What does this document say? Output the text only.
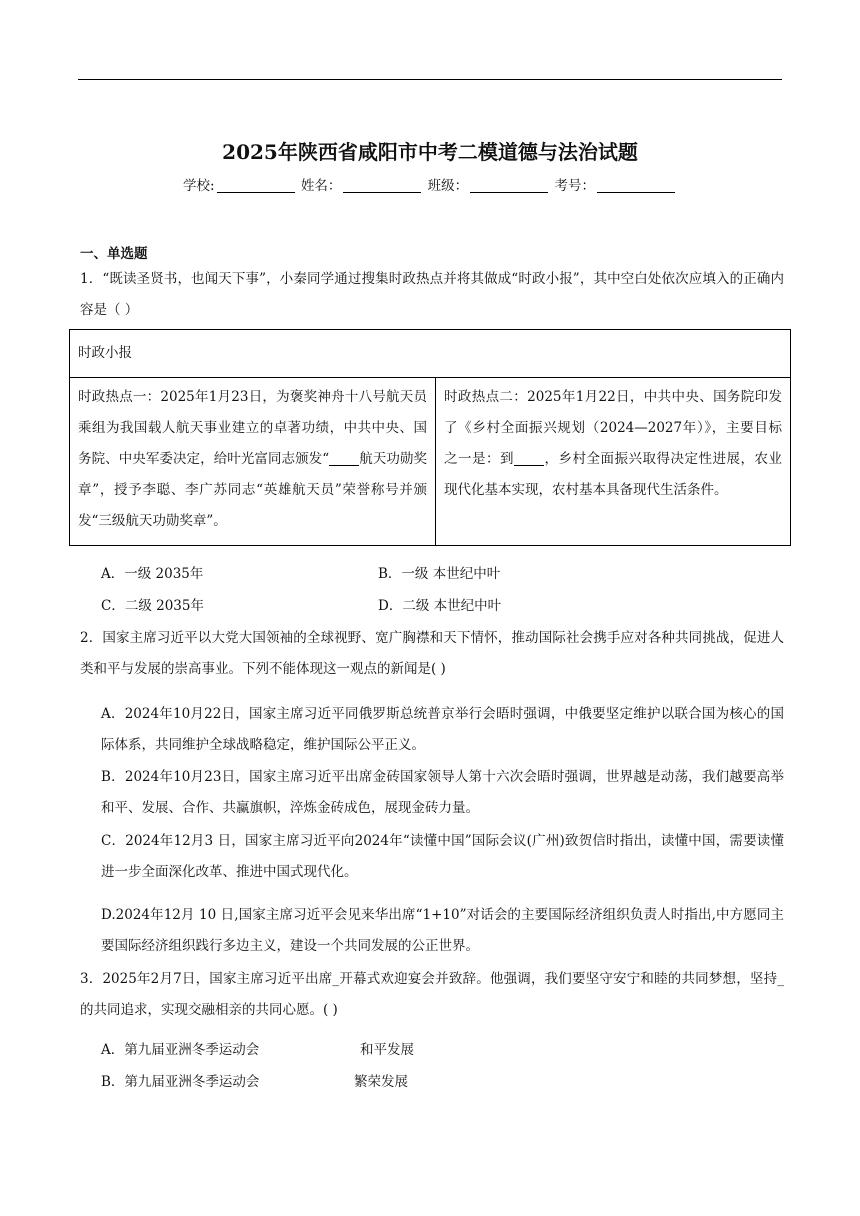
2025年陕西省咸阳市中考二模道德与法治试题
学校:	姓名：	班级：	考号：
一、单选题
1．“既读圣贤书，也闻天下事”，小秦同学通过搜集时政热点并将其做成“时政小报”，其中空白处依次应填入的正确内容是（ ）
时政小报
时政热点一：2025年1月23日，为褒奖神舟十八号航天员乘组为我国载人航天事业建立的卓著功绩，中共中央、国务院、中央军委决定，给叶光富同志颁发“ 航天功勋奖章”，授予李聪、李广苏同志“英雄航天员”荣誉称号并颁发“三级航天功勋奖章”。	时政热点二：2025年1月22日，中共中央、国务院印发了《乡村全面振兴规划（2024—2027年）》，主要目标之一是：到 ，乡村全面振兴取得决定性进展，农业现代化基本实现，农村基本具备现代生活条件。
A．一级 2035年	B．一级 本世纪中叶
C．二级 2035年	D．二级 本世纪中叶
2．国家主席习近平以大党大国领袖的全球视野、宽广胸襟和天下情怀，推动国际社会携手应对各种共同挑战，促进人类和平与发展的崇高事业。下列不能体现这一观点的新闻是( )
A．2024年10月22日，国家主席习近平同俄罗斯总统普京举行会晤时强调，中俄要坚定维护以联合国为核心的国际体系，共同维护全球战略稳定，维护国际公平正义。
B．2024年10月23日，国家主席习近平出席金砖国家领导人第十六次会晤时强调，世界越是动荡，我们越要高举和平、发展、合作、共赢旗帜，淬炼金砖成色，展现金砖力量。
C．2024年12月3 日，国家主席习近平向2024年“读懂中国”国际会议(广州)致贺信时指出，读懂中国，需要读懂进一步全面深化改革、推进中国式现代化。
D.2024年12月 10 日,国家主席习近平会见来华出席“1+10”对话会的主要国际经济组织负责人时指出,中方愿同主要国际经济组织践行多边主义，建设一个共同发展的公正世界。
3．2025年2月7日，国家主席习近平出席_开幕式欢迎宴会并致辞。他强调，我们要坚守安宁和睦的共同梦想，坚持_的共同追求，实现交融相亲的共同心愿。( )
A．第九届亚洲冬季运动会	和平发展
B．第九届亚洲冬季运动会	繁荣发展
